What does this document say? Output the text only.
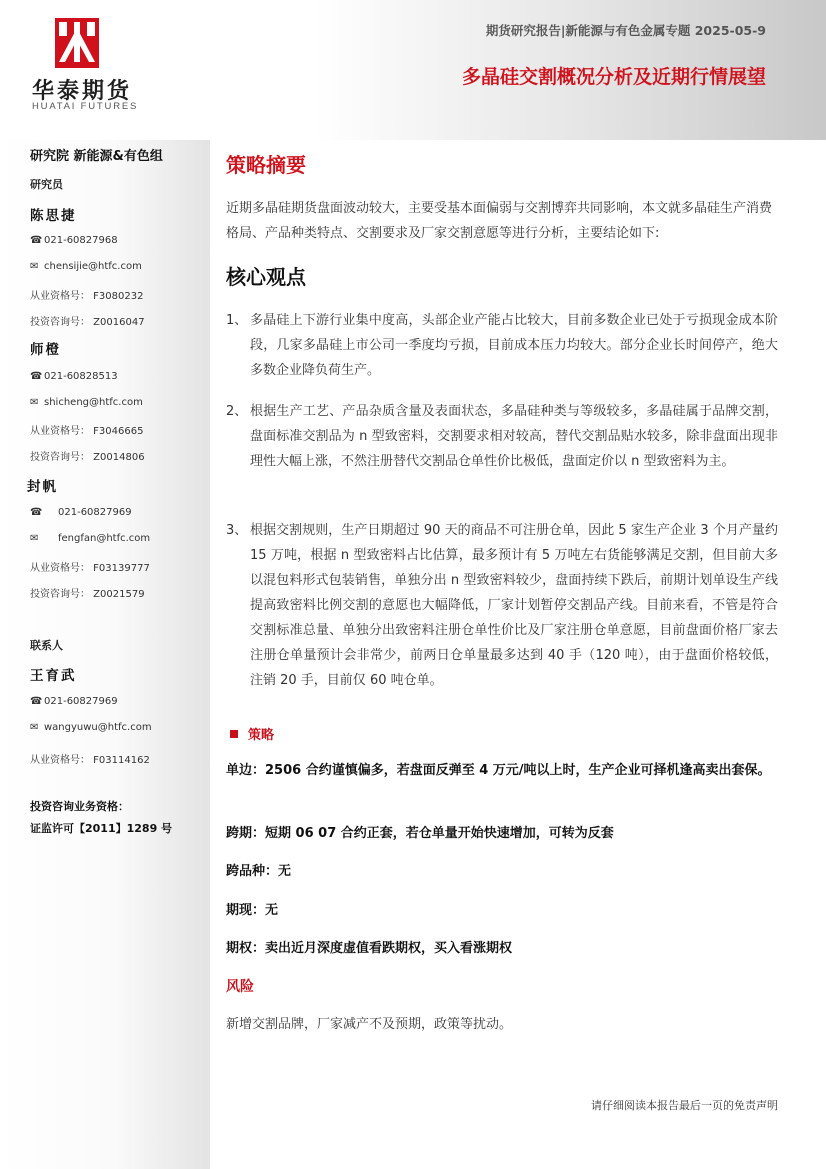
华泰期货
HUATAI FUTURES
期货研究报告|新能源与有色金属专题 2025-05-9
多晶硅交割概况分析及近期行情展望
研究院 新能源&有色组
研究员
陈思捷
☎ 021-60827968
✉ chensijie@htfc.com
从业资格号： F3080232
投资咨询号： Z0016047
师橙
☎ 021-60828513
✉ shicheng@htfc.com
从业资格号： F3046665
投资咨询号： Z0014806
封帆
☎ 021-60827969
✉ fengfan@htfc.com
从业资格号： F03139777
投资咨询号： Z0021579
联系人
王育武
☎ 021-60827969
✉ wangyuwu@htfc.com
从业资格号： F03114162
投资咨询业务资格：
证监许可【2011】1289 号
策略摘要
近期多晶硅期货盘面波动较大，主要受基本面偏弱与交割博弈共同影响，本文就多晶硅生产消费格局、产品种类特点、交割要求及厂家交割意愿等进行分析，主要结论如下:
核心观点
1、 多晶硅上下游行业集中度高，头部企业产能占比较大，目前多数企业已处于亏损现金成本阶段，几家多晶硅上市公司一季度均亏损，目前成本压力均较大。部分企业长时间停产，绝大多数企业降负荷生产。
2、 根据生产工艺、产品杂质含量及表面状态，多晶硅种类与等级较多，多晶硅属于品牌交割，盘面标准交割品为 n 型致密料，交割要求相对较高，替代交割品贴水较多，除非盘面出现非理性大幅上涨，不然注册替代交割品仓单性价比极低，盘面定价以 n 型致密料为主。
3、 根据交割规则，生产日期超过 90 天的商品不可注册仓单，因此 5 家生产企业 3 个月产量约 15 万吨，根据 n 型致密料占比估算，最多预计有 5 万吨左右货能够满足交割，但目前大多以混包料形式包装销售，单独分出 n 型致密料较少，盘面持续下跌后，前期计划单设生产线提高致密料比例交割的意愿也大幅降低，厂家计划暂停交割品产线。目前来看，不管是符合交割标准总量、单独分出致密料注册仓单性价比及厂家注册仓单意愿，目前盘面价格厂家去注册仓单量预计会非常少，前两日仓单量最多达到 40 手（120 吨），由于盘面价格较低，注销 20 手，目前仅 60 吨仓单。
策略
单边：2506 合约谨慎偏多，若盘面反弹至 4 万元/吨以上时，生产企业可择机逢高卖出套保。
跨期：短期 06 07 合约正套，若仓单量开始快速增加，可转为反套
跨品种：无
期现：无
期权：卖出近月深度虚值看跌期权，买入看涨期权
风险
新增交割品牌，厂家减产不及预期，政策等扰动。
请仔细阅读本报告最后一页的免责声明
